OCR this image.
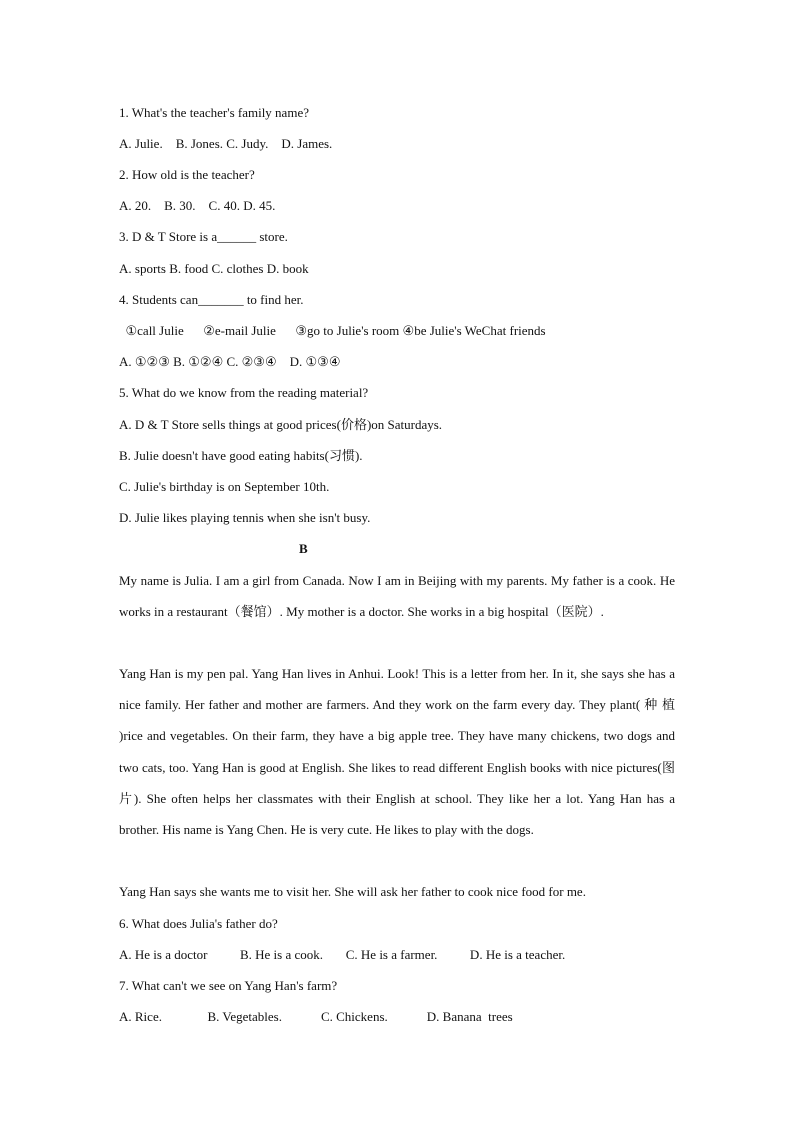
1. What's the teacher's family name?
A. Julie.    B. Jones. C. Judy.    D. James.
2. How old is the teacher?
A. 20.    B. 30.    C. 40. D. 45.
3. D & T Store is a______ store.
A. sports B. food C. clothes D. book
4. Students can_______ to find her.
①call Julie      ②e-mail Julie      ③go to Julie's room ④be Julie's WeChat friends
A. ①②③ B. ①②④ C. ②③④    D. ①③④
5. What do we know from the reading material?
A. D & T Store sells things at good prices(价格)on Saturdays.
B. Julie doesn't have good eating habits(习惯).
C. Julie's birthday is on September 10th.
D. Julie likes playing tennis when she isn't busy.
B
My name is Julia. I am a girl from Canada. Now I am in Beijing with my parents. My father is a cook. He works in a restaurant（餐馆）. My mother is a doctor. She works in a big hospital（医院）.
Yang Han is my pen pal. Yang Han lives in Anhui. Look! This is a letter from her. In it, she says she has a nice family. Her father and mother are farmers. And they work on the farm every day. They plant( 种 植 )rice and vegetables. On their farm, they have a big apple tree. They have many chickens, two dogs and two cats, too. Yang Han is good at English. She likes to read different English books with nice pictures(图片). She often helps her classmates with their English at school. They like her a lot. Yang Han has a brother. His name is Yang Chen. He is very cute. He likes to play with the dogs.
Yang Han says she wants me to visit her. She will ask her father to cook nice food for me.
6. What does Julia's father do?
A. He is a doctor          B. He is a cook.       C. He is a farmer.          D. He is a teacher.
7. What can't we see on Yang Han's farm?
A. Rice.              B. Vegetables.            C. Chickens.            D. Banana  trees
